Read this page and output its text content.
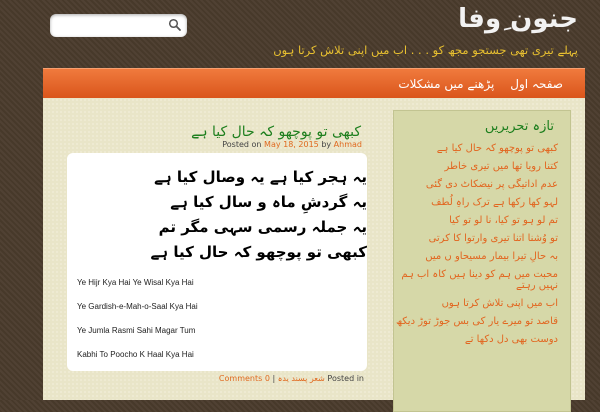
جنون ِوفا
پہلے تیری تھی جستجو مجھ کو . . . اب میں اپنی تلاش کرتا ہوں
صفحہ اول
پڑھنے میں مشکلات
کبھی تو پوچھو کہ حال کیا ہے
Posted on May 18, 2015 by Ahmad
یہ ہجر کیا ہے یہ وصال کیا ہے
یہ گردشِ ماہ و سال کیا ہے
یہ جملہ رسمی سہی مگر تم
کبھی تو پوچھو کہ حال کیا ہے
Ye Hijr Kya Hai Ye Wisal Kya Hai
Ye Gardish-e-Mah-o-Saal Kya Hai
Ye Jumla Rasmi Sahi Magar Tum
Kabhi To Poocho K Haal Kya Hai
Posted in شعر پسند یدہ | Comments 0
تازہ تحریریں
کبھی تو پوچھو کہ حال کیا ہے
کتنا رویا تھا میں تیری خاطر
عدم اداتیگی پر نیضکاٹ دی گئی
لہو کھا رکھا ہے ترک راہِ لُطف
تم لو ہو تو کیا، نا لو تو کیا
تو وُشنا اتنا تیری وارتوا کا کرتی
بہ حالِ تیرا بیمار مسیحاو ں میں
محبت میں ہم کو دینا ہیں کاہ اب ہم نہیں رہتے
اب میں اپنی تلاش کرتا ہوں
قاصد تو میرے یار کی بس جوڑ توڑ دیکھ
دوست بھی دل دکھا تے
